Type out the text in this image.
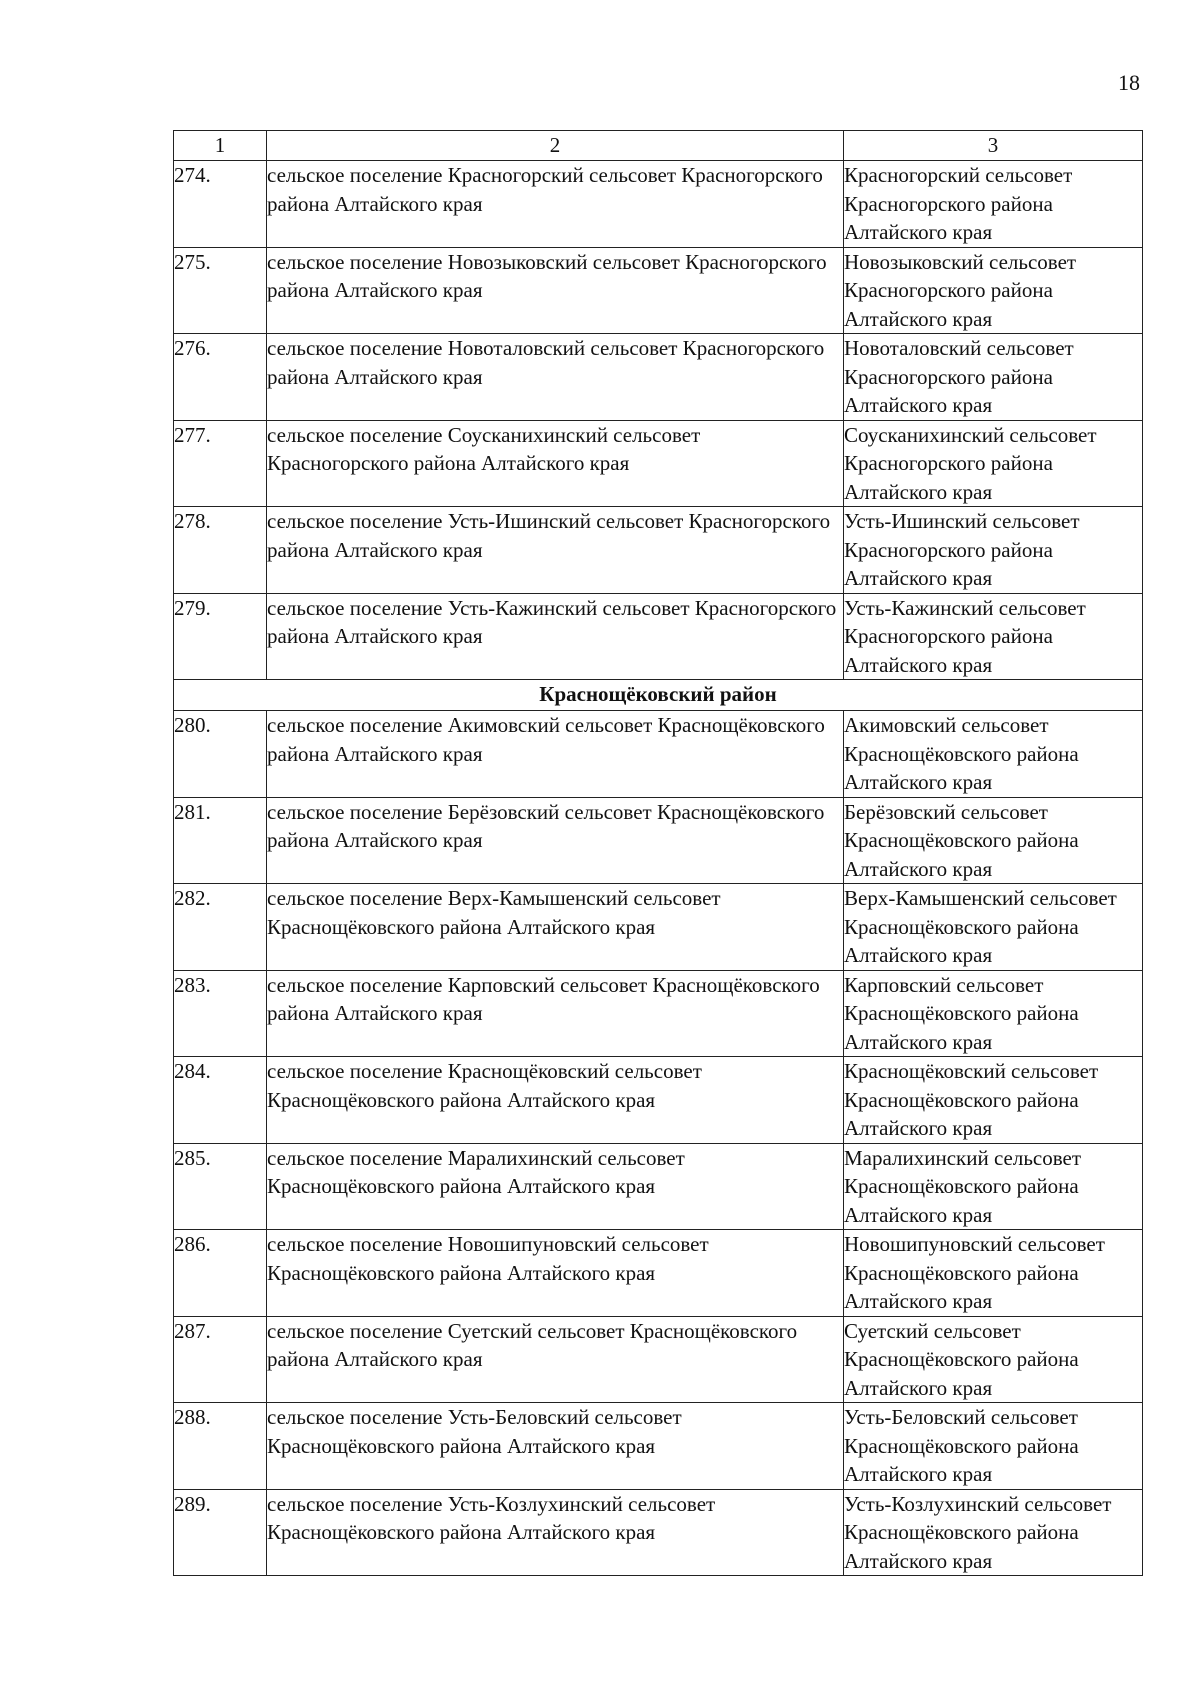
18
1	2	3
274.	сельское поселение Красногорский сельсовет Красногорского района Алтайского края	Красногорский сельсовет Красногорского района Алтайского края
275.	сельское поселение Новозыковский сельсовет Красногорского района Алтайского края	Новозыковский сельсовет Красногорского района Алтайского края
276.	сельское поселение Новоталовский сельсовет Красногорского района Алтайского края	Новоталовский сельсовет Красногорского района Алтайского края
277.	сельское поселение Соусканихинский сельсовет Красногорского района Алтайского края	Соусканихинский сельсовет Красногорского района Алтайского края
278.	сельское поселение Усть-Ишинский сельсовет Красногорского района Алтайского края	Усть-Ишинский сельсовет Красногорского района Алтайского края
279.	сельское поселение Усть-Кажинский сельсовет Красногорского района Алтайского края	Усть-Кажинский сельсовет Красногорского района Алтайского края
Краснощёковский район		
280.	сельское поселение Акимовский сельсовет Краснощёковского района Алтайского края	Акимовский сельсовет Краснощёковского района Алтайского края
281.	сельское поселение Берёзовский сельсовет Краснощёковского района Алтайского края	Берёзовский сельсовет Краснощёковского района Алтайского края
282.	сельское поселение Верх-Камышенский сельсовет Краснощёковского района Алтайского края	Верх-Камышенский сельсовет Краснощёковского района Алтайского края
283.	сельское поселение Карповский сельсовет Краснощёковского района Алтайского края	Карповский сельсовет Краснощёковского района Алтайского края
284.	сельское поселение Краснощёковский сельсовет Краснощёковского района Алтайского края	Краснощёковский сельсовет Краснощёковского района Алтайского края
285.	сельское поселение Маралихинский сельсовет Краснощёковского района Алтайского края	Маралихинский сельсовет Краснощёковского района Алтайского края
286.	сельское поселение Новошипуновский сельсовет Краснощёковского района Алтайского края	Новошипуновский сельсовет Краснощёковского района Алтайского края
287.	сельское поселение Суетский сельсовет Краснощёковского района Алтайского края	Суетский сельсовет Краснощёковского района Алтайского края
288.	сельское поселение Усть-Беловский сельсовет Краснощёковского района Алтайского края	Усть-Беловский сельсовет Краснощёковского района Алтайского края
289.	сельское поселение Усть-Козлухинский сельсовет Краснощёковского района Алтайского края	Усть-Козлухинский сельсовет Краснощёковского района Алтайского края
